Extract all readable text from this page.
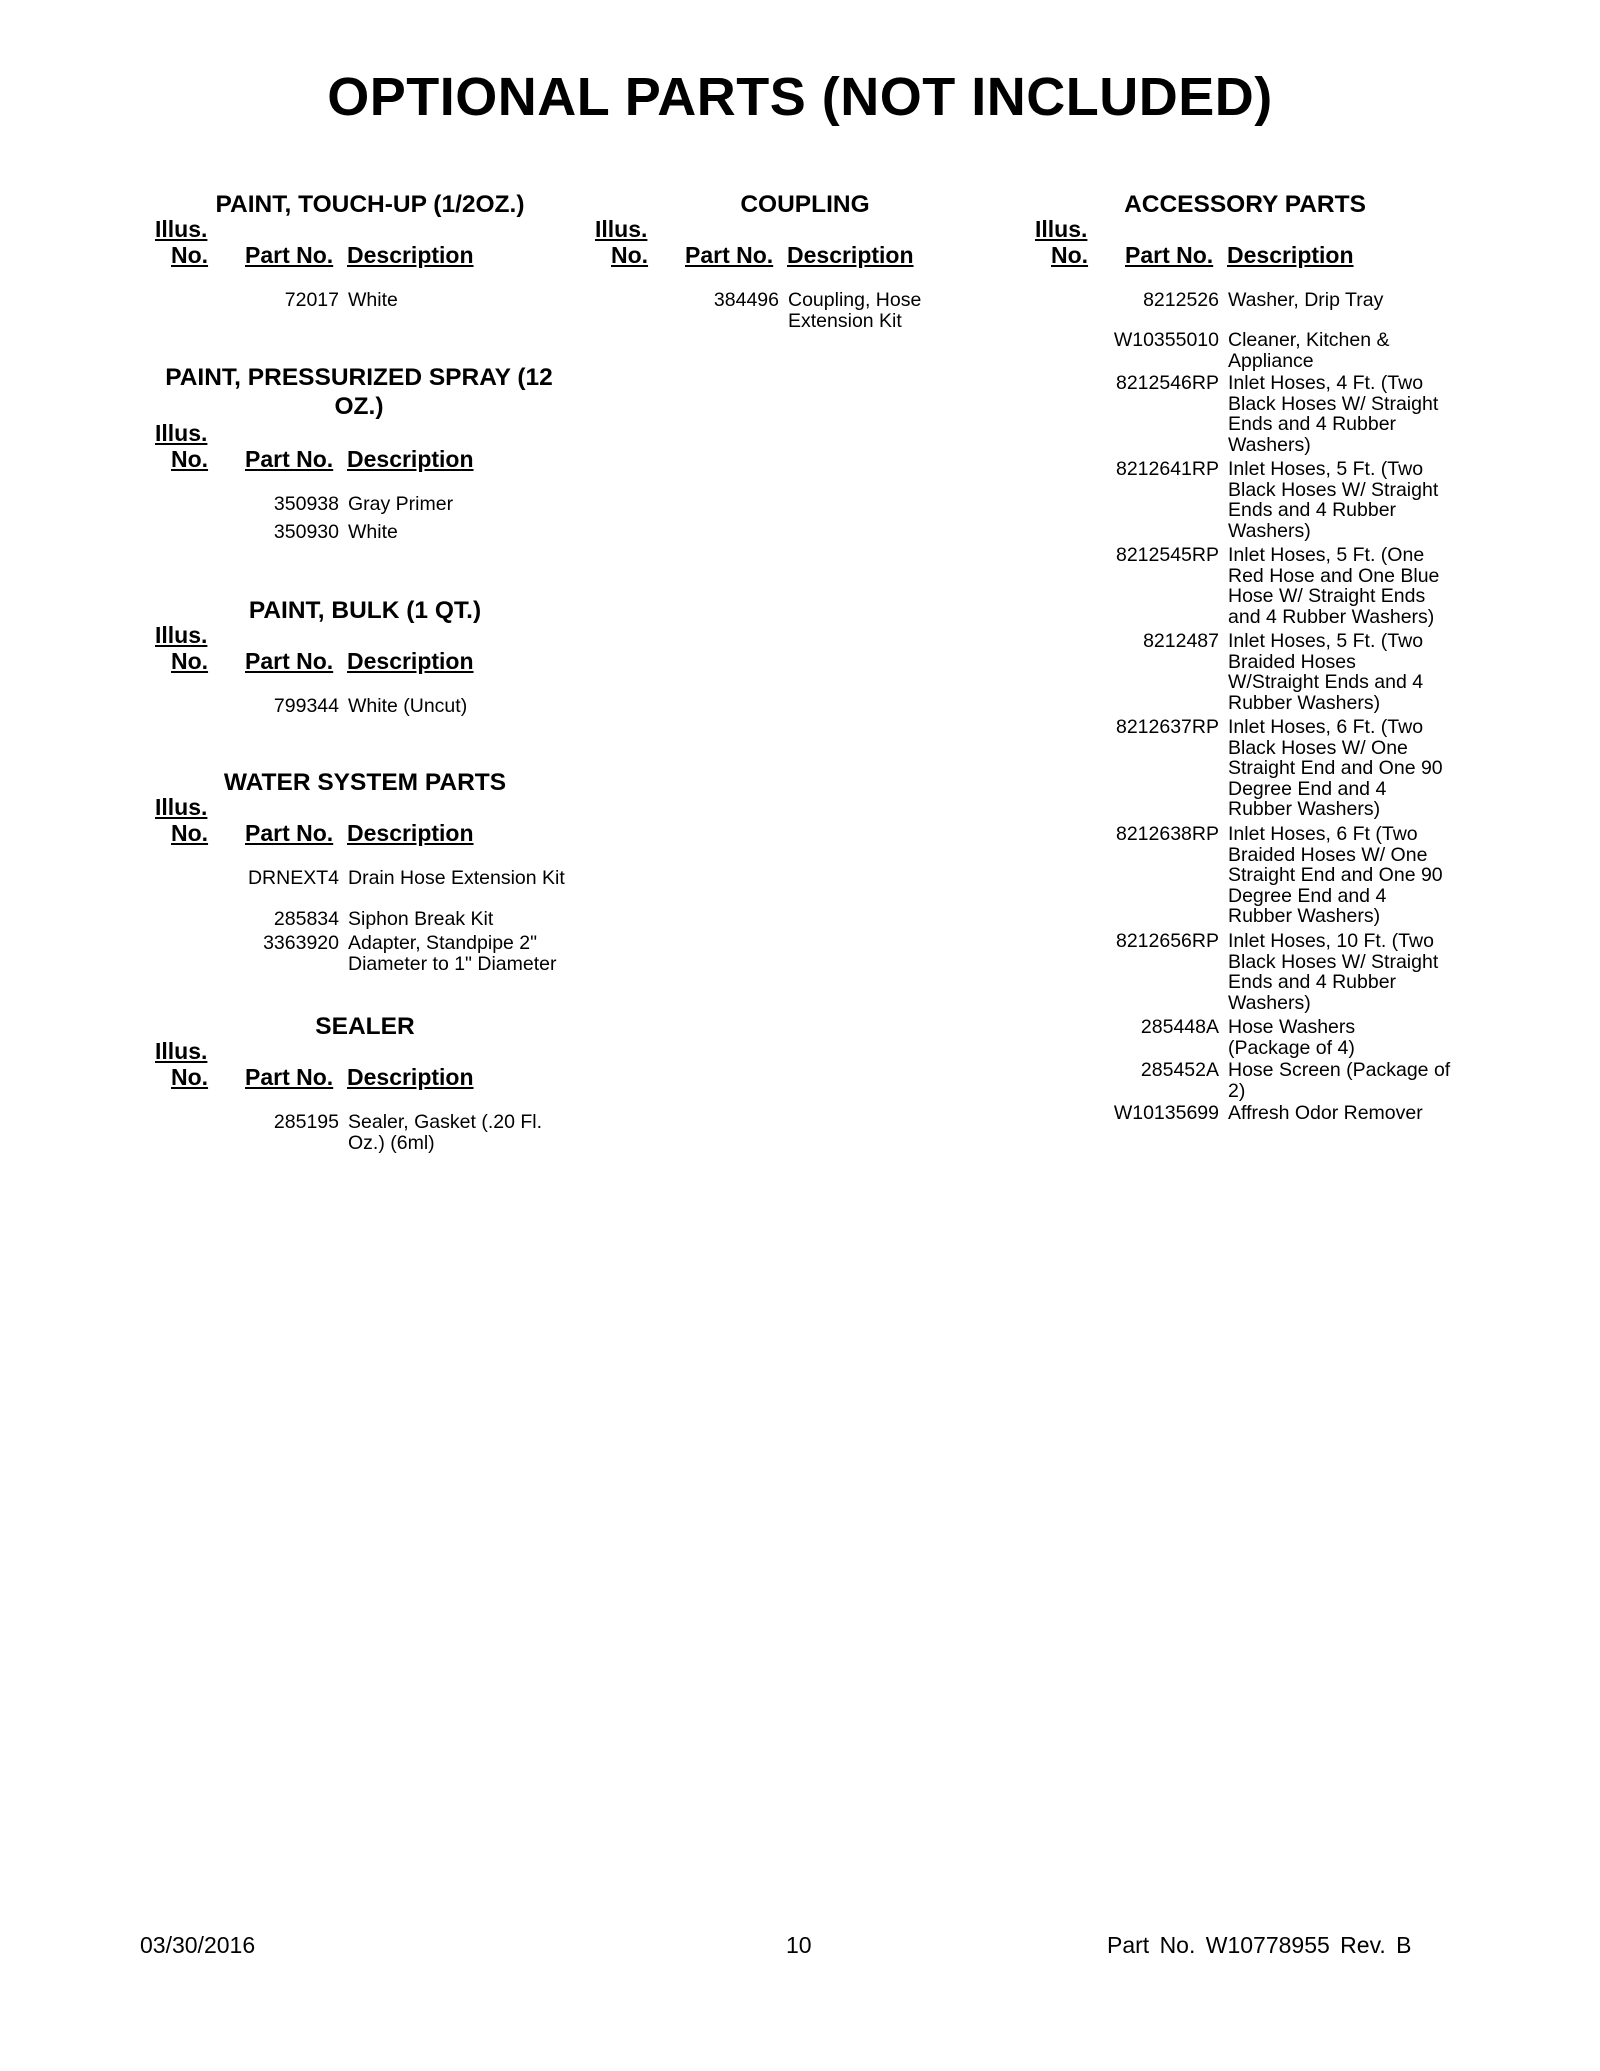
OPTIONAL PARTS (NOT INCLUDED)
PAINT, TOUCH-UP (1/2OZ.)
Illus.
No. Part No. Description
72017 White
PAINT, PRESSURIZED SPRAY (12 OZ.)
Illus.
No. Part No. Description
350938 Gray Primer
350930 White
PAINT, BULK (1 QT.)
Illus.
No. Part No. Description
799344 White (Uncut)
WATER SYSTEM PARTS
Illus.
No. Part No. Description
DRNEXT4 Drain Hose Extension Kit
285834 Siphon Break Kit
3363920 Adapter, Standpipe 2" Diameter to 1" Diameter
SEALER
Illus.
No. Part No. Description
285195 Sealer, Gasket (.20 Fl. Oz.) (6ml)
COUPLING
Illus.
No. Part No. Description
384496 Coupling, Hose Extension Kit
ACCESSORY PARTS
Illus.
No. Part No. Description
8212526 Washer, Drip Tray
W10355010 Cleaner, Kitchen & Appliance
8212546RP Inlet Hoses, 4 Ft. (Two Black Hoses W/ Straight Ends and 4 Rubber Washers)
8212641RP Inlet Hoses, 5 Ft. (Two Black Hoses W/ Straight Ends and 4 Rubber Washers)
8212545RP Inlet Hoses, 5 Ft. (One Red Hose and One Blue Hose W/ Straight Ends and 4 Rubber Washers)
8212487 Inlet Hoses, 5 Ft. (Two Braided Hoses W/Straight Ends and 4 Rubber Washers)
8212637RP Inlet Hoses, 6 Ft. (Two Black Hoses W/ One Straight End and One 90 Degree End and 4 Rubber Washers)
8212638RP Inlet Hoses, 6 Ft (Two Braided Hoses W/ One Straight End and One 90 Degree End and 4 Rubber Washers)
8212656RP Inlet Hoses, 10 Ft. (Two Black Hoses W/ Straight Ends and 4 Rubber Washers)
285448A Hose Washers (Package of 4)
285452A Hose Screen (Package of 2)
W10135699 Affresh Odor Remover
03/30/2016	10	Part No. W10778955 Rev. B
